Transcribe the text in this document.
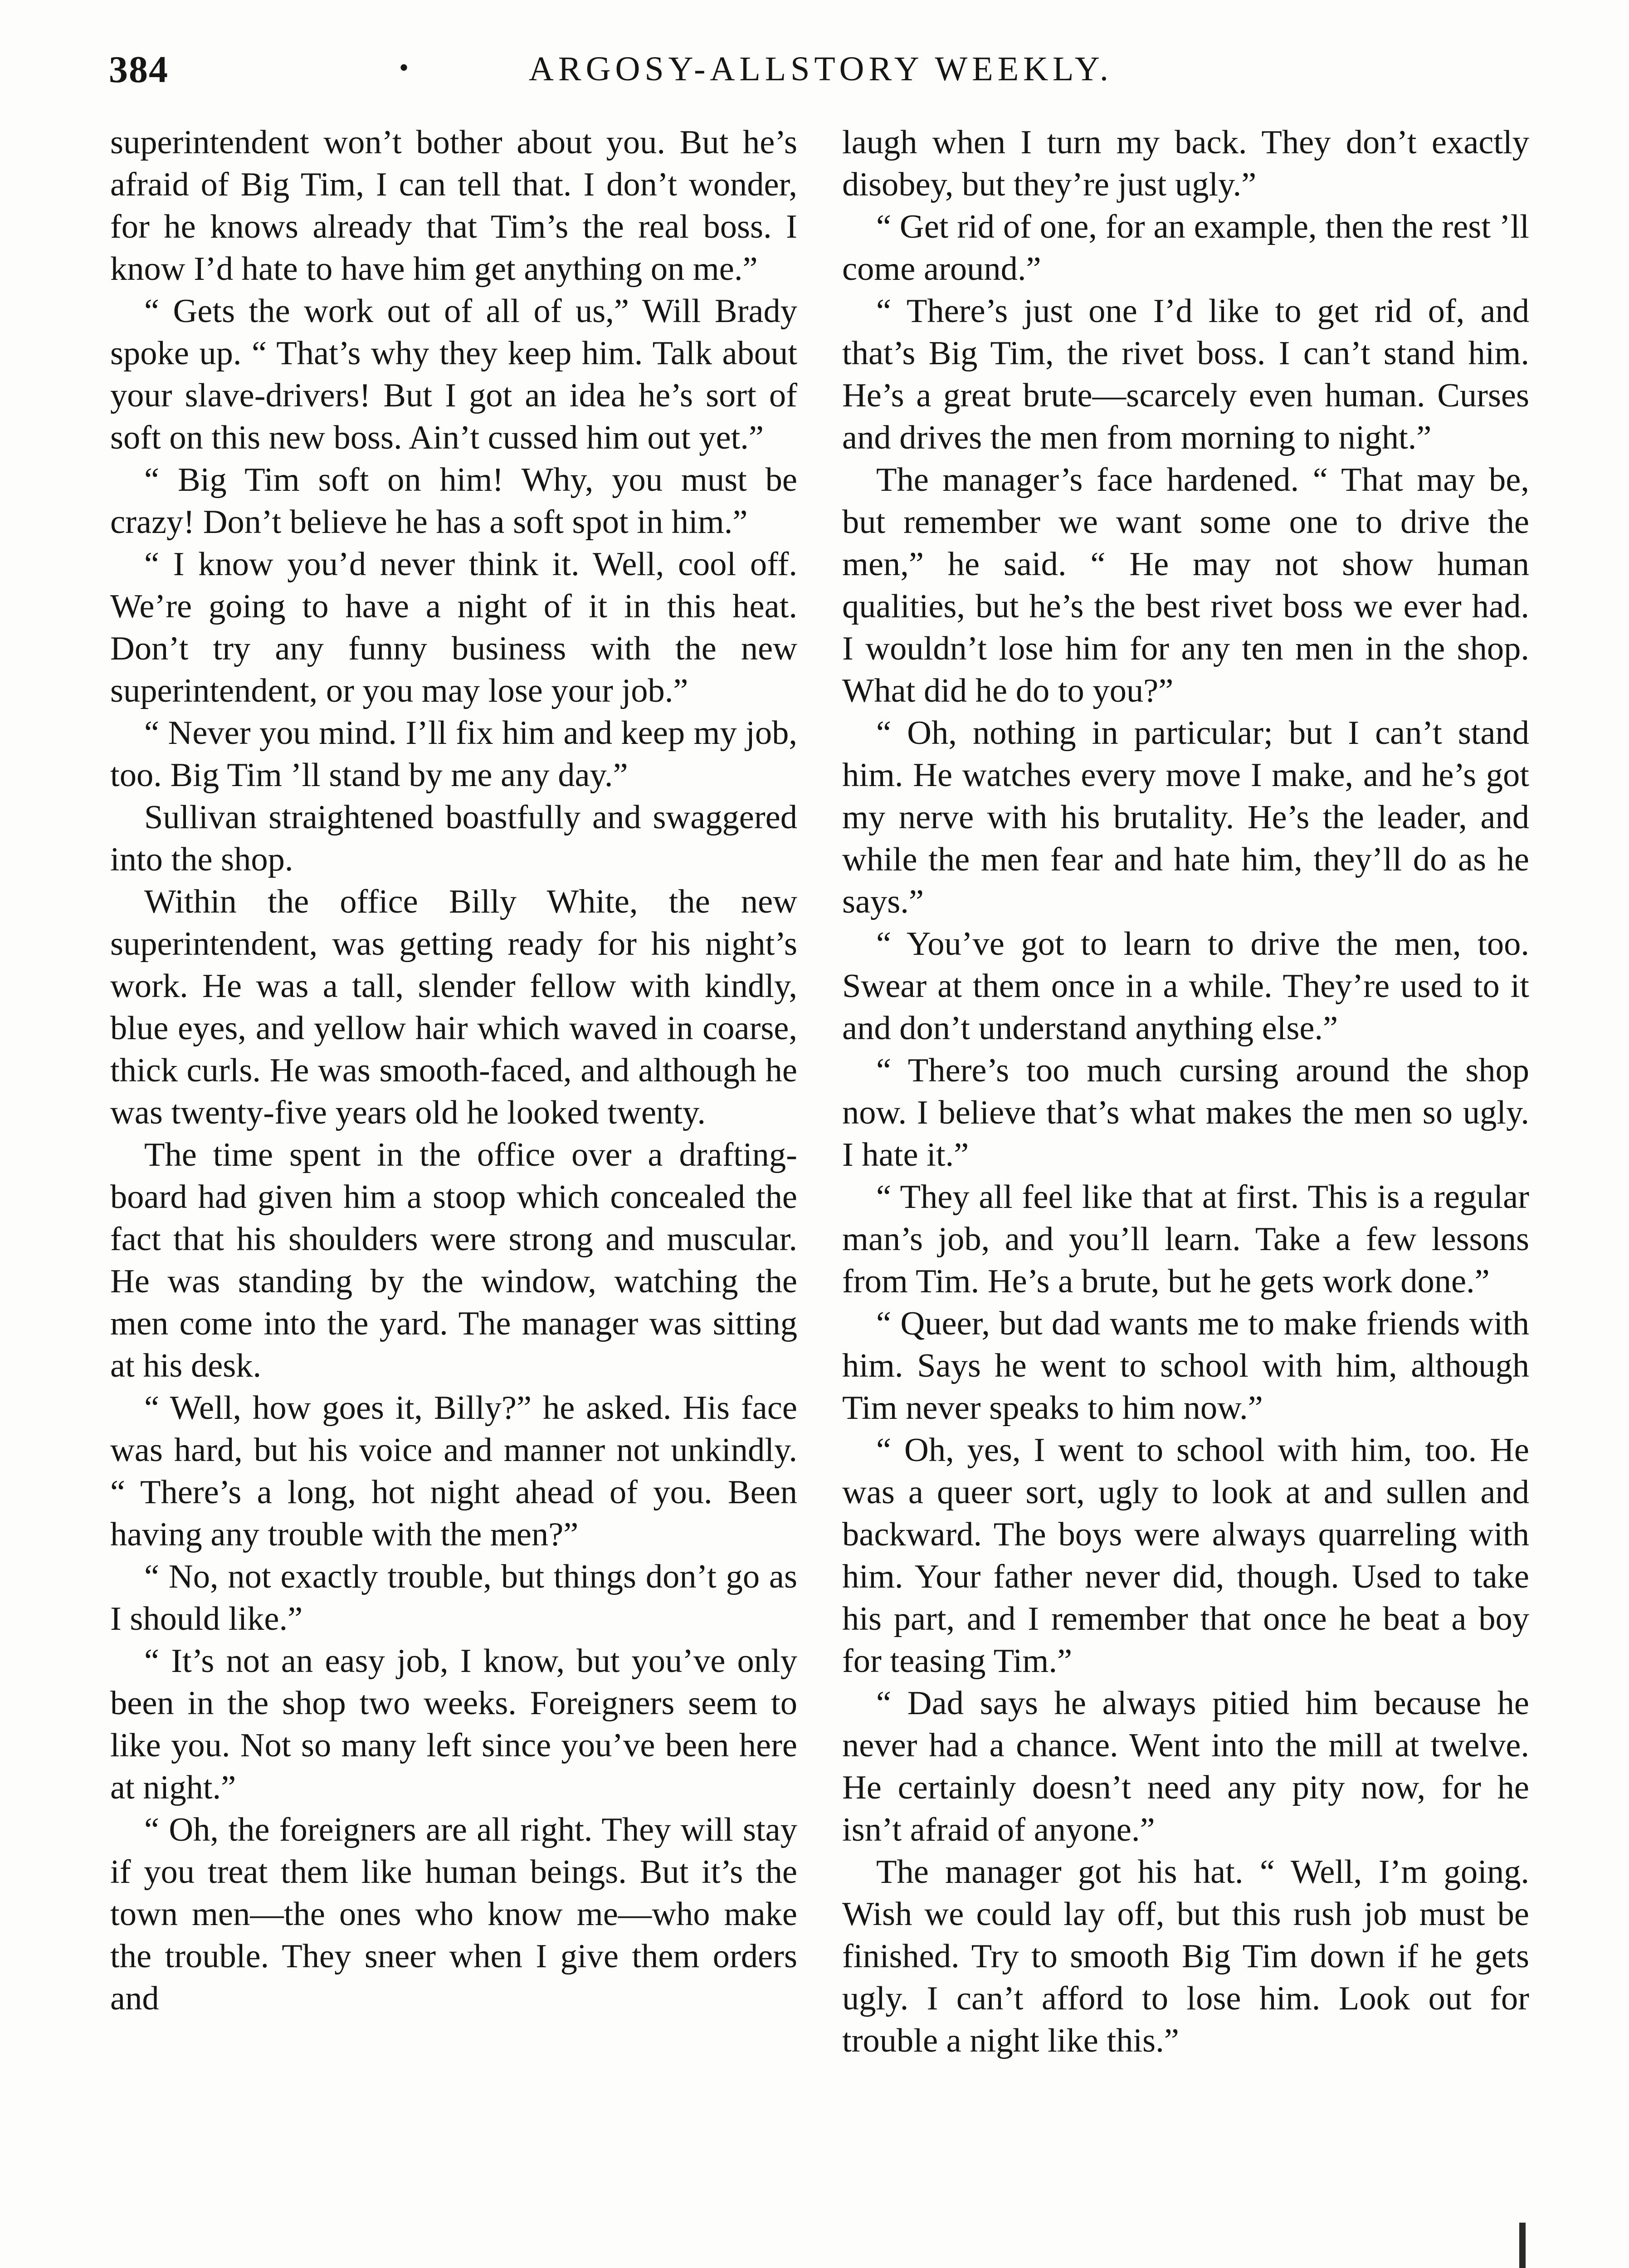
384	•	ARGOSY-ALLSTORY WEEKLY.

superintendent won’t bother about you. But he’s afraid of Big Tim, I can tell that. I don’t wonder, for he knows already that Tim’s the real boss. I know I’d hate to have him get anything on me.”

“ Gets the work out of all of us,” Will Brady spoke up. “ That’s why they keep him. Talk about your slave-drivers! But I got an idea he’s sort of soft on this new boss. Ain’t cussed him out yet.”

“ Big Tim soft on him! Why, you must be crazy! Don’t believe he has a soft spot in him.”

“ I know you’d never think it. Well, cool off. We’re going to have a night of it in this heat. Don’t try any funny business with the new superintendent, or you may lose your job.”

“ Never you mind. I’ll fix him and keep my job, too. Big Tim ’ll stand by me any day.”

Sullivan straightened boastfully and swaggered into the shop.

Within the office Billy White, the new superintendent, was getting ready for his night’s work. He was a tall, slender fellow with kindly, blue eyes, and yellow hair which waved in coarse, thick curls. He was smooth-faced, and although he was twenty-five years old he looked twenty.

The time spent in the office over a drafting-board had given him a stoop which concealed the fact that his shoulders were strong and muscular. He was standing by the window, watching the men come into the yard. The manager was sitting at his desk.

“ Well, how goes it, Billy?” he asked. His face was hard, but his voice and manner not unkindly. “ There’s a long, hot night ahead of you. Been having any trouble with the men?”

“ No, not exactly trouble, but things don’t go as I should like.”

“ It’s not an easy job, I know, but you’ve only been in the shop two weeks. Foreigners seem to like you. Not so many left since you’ve been here at night.”

“ Oh, the foreigners are all right. They will stay if you treat them like human beings. But it’s the town men—the ones who know me—who make the trouble. They sneer when I give them orders and

laugh when I turn my back. They don’t exactly disobey, but they’re just ugly.”

“ Get rid of one, for an example, then the rest ’ll come around.”

“ There’s just one I’d like to get rid of, and that’s Big Tim, the rivet boss. I can’t stand him. He’s a great brute—scarcely even human. Curses and drives the men from morning to night.”

The manager’s face hardened. “ That may be, but remember we want some one to drive the men,” he said. “ He may not show human qualities, but he’s the best rivet boss we ever had. I wouldn’t lose him for any ten men in the shop. What did he do to you?”

“ Oh, nothing in particular; but I can’t stand him. He watches every move I make, and he’s got my nerve with his brutality. He’s the leader, and while the men fear and hate him, they’ll do as he says.”

“ You’ve got to learn to drive the men, too. Swear at them once in a while. They’re used to it and don’t understand anything else.”

“ There’s too much cursing around the shop now. I believe that’s what makes the men so ugly. I hate it.”

“ They all feel like that at first. This is a regular man’s job, and you’ll learn. Take a few lessons from Tim. He’s a brute, but he gets work done.”

“ Queer, but dad wants me to make friends with him. Says he went to school with him, although Tim never speaks to him now.”

“ Oh, yes, I went to school with him, too. He was a queer sort, ugly to look at and sullen and backward. The boys were always quarreling with him. Your father never did, though. Used to take his part, and I remember that once he beat a boy for teasing Tim.”

“ Dad says he always pitied him because he never had a chance. Went into the mill at twelve. He certainly doesn’t need any pity now, for he isn’t afraid of anyone.”

The manager got his hat. “ Well, I’m going. Wish we could lay off, but this rush job must be finished. Try to smooth Big Tim down if he gets ugly. I can’t afford to lose him. Look out for trouble a night like this.”
